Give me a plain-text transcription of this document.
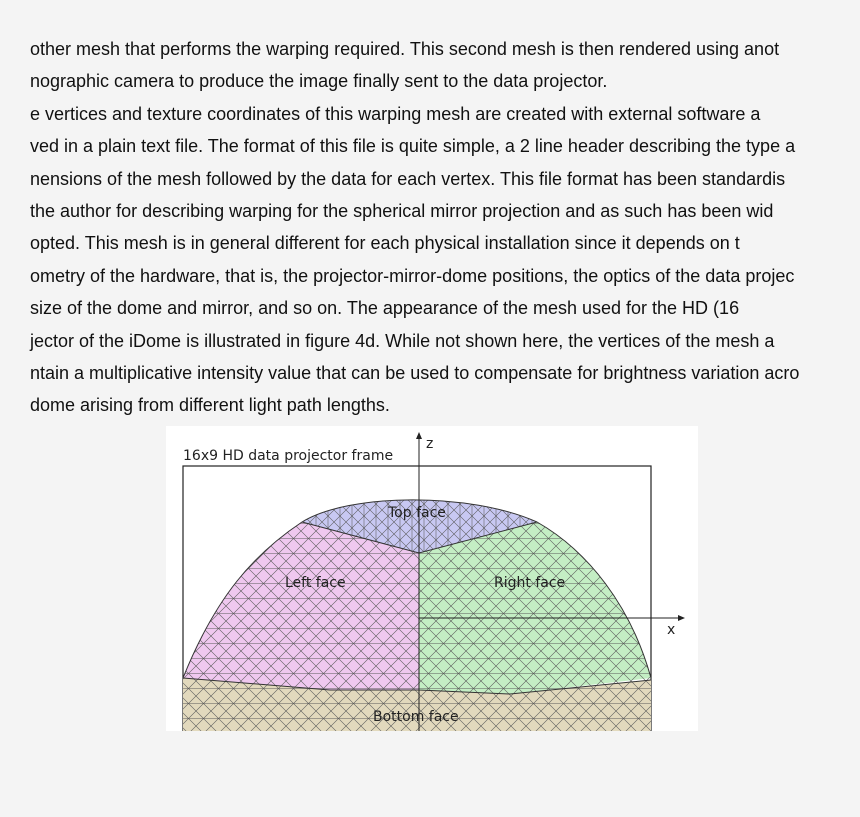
other mesh that performs the warping required. This second mesh is then rendered using anot
nographic camera to produce the image finally sent to the data projector.
e vertices and texture coordinates of this warping mesh are created with external software a
ved in a plain text file. The format of this file is quite simple, a 2 line header describing the type a
nensions of the mesh followed by the data for each vertex. This file format has been standardis
the author for describing warping for the spherical mirror projection and as such has been wid
opted. This mesh is in general different for each physical installation since it depends on t
ometry of the hardware, that is, the projector-mirror-dome positions, the optics of the data projec
size of the dome and mirror, and so on. The appearance of the mesh used for the HD (16
jector of the iDome is illustrated in figure 4d. While not shown here, the vertices of the mesh a
ntain a multiplicative intensity value that can be used to compensate for brightness variation acro
dome arising from different light path lengths.
16x9 HD data projector frame
z
x
Top face
Left face	Right face
Bottom face
